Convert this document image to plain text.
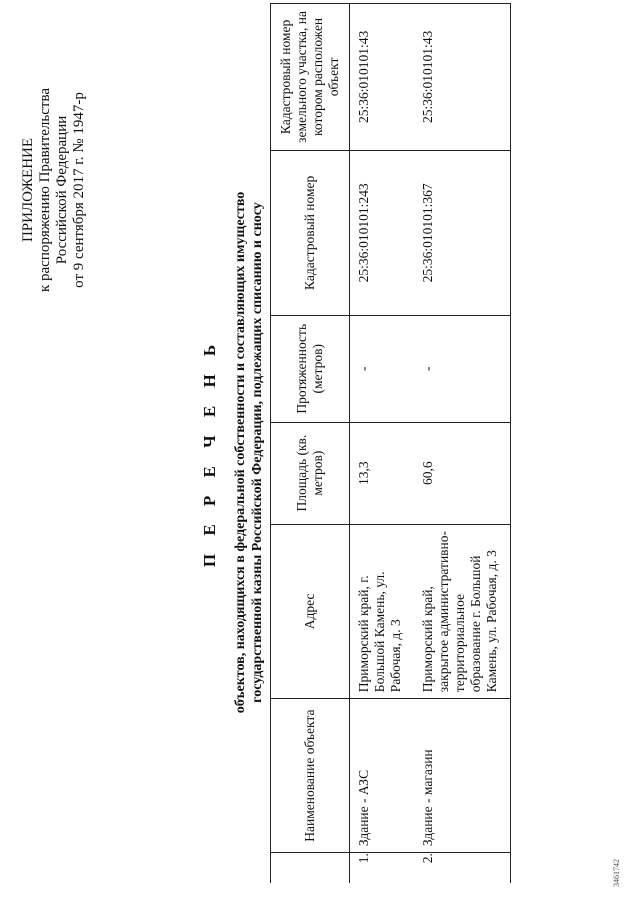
ПРИЛОЖЕНИЕ к распоряжению Правительства Российской Федерации от 9 сентября 2017 г. № 1947-р
П Е Р Е Ч Е Н Ь объектов, находящихся в федеральной собственности и составляющих имущество государственной казны Российской Федерации, подлежащих списанию и сносу
	Наименование объекта	Адрес	Площадь (кв. метров)	Протяженность (метров)	Кадастровый номер	Кадастровый номер земельного участка, на котором расположен объект
1.	Здание - АЗС	Приморский край, г. Большой Камень, ул. Рабочая, д. 3	13,3	-	25:36:010101:243	25:36:010101:43
2.	Здание - магазин	Приморский край, закрытое административно-территориальное образование г. Большой Камень, ул. Рабочая, д. 3	60,6	-	25:36:010101:367	25:36:010101:43
3461742
